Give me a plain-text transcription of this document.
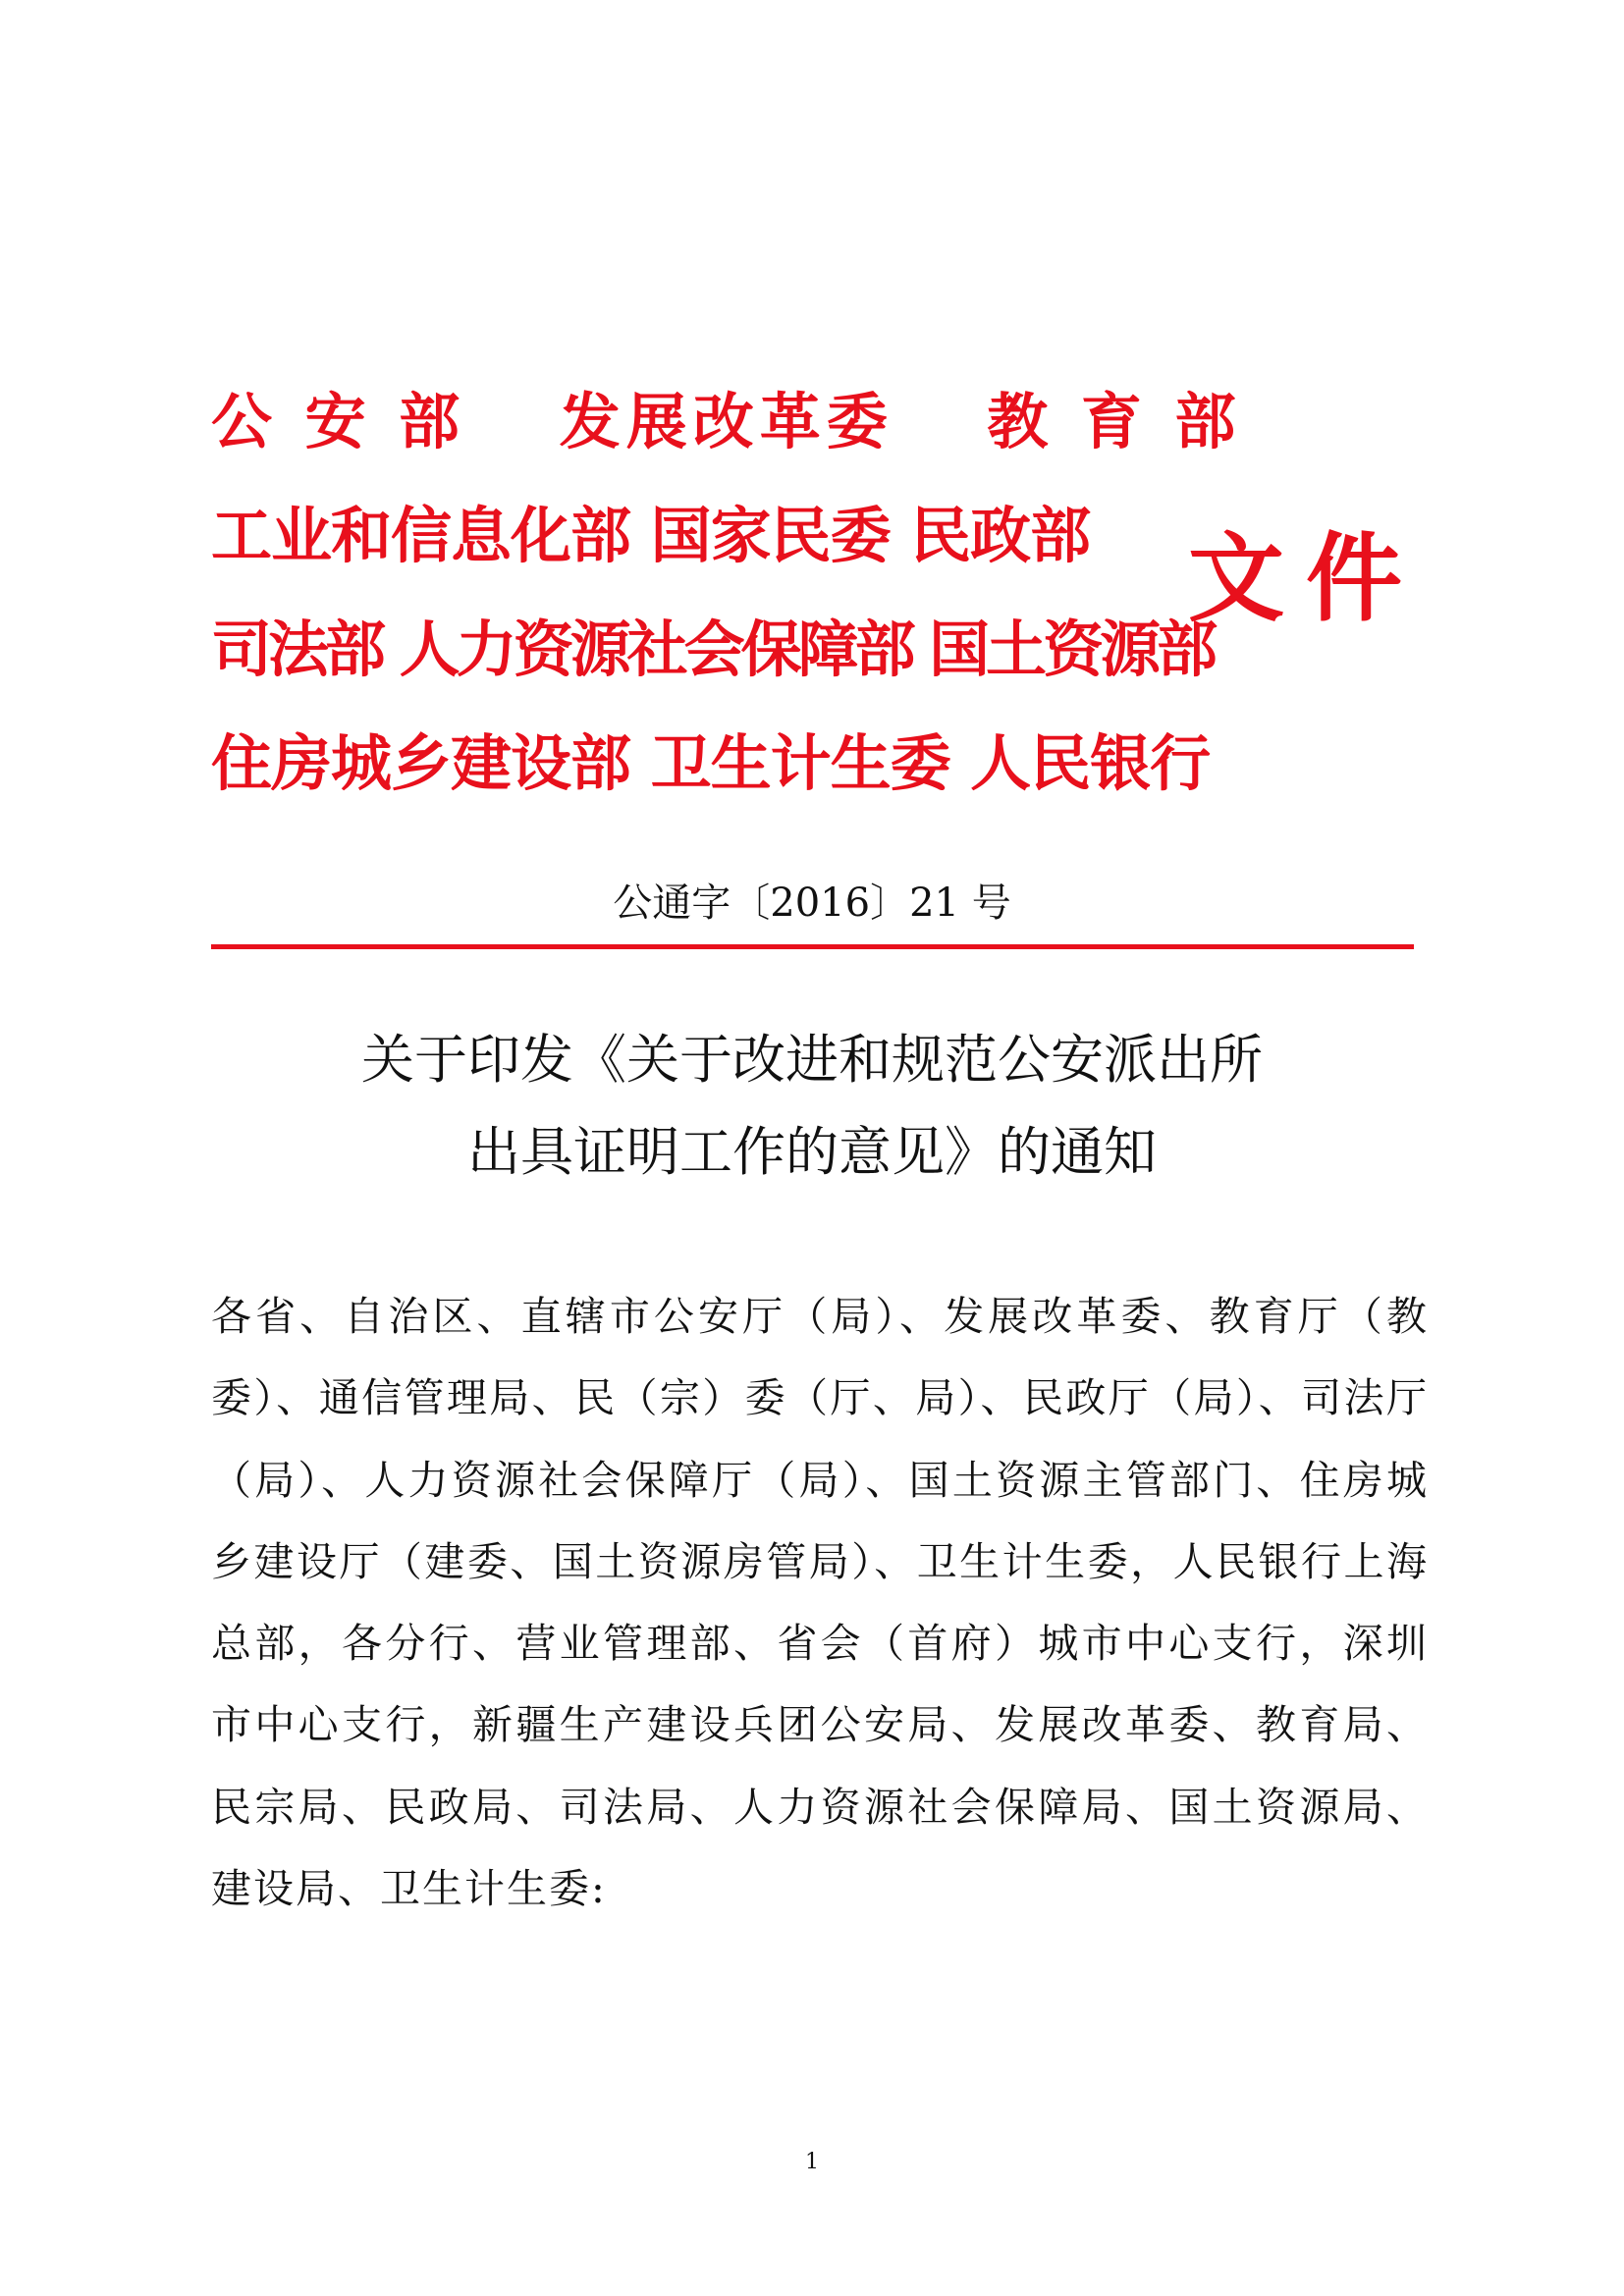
公 安 部　 发展改革委　 教 育 部
工业和信息化部 国家民委 民政部
司法部 人力资源社会保障部 国土资源部
住房城乡建设部 卫生计生委 人民银行
文件
公通字〔2016〕21 号
关于印发《关于改进和规范公安派出所
出具证明工作的意见》的通知
各省、自治区、直辖市公安厅（局）、发展改革委、教育厅（教委）、通信管理局、民（宗）委（厅、局）、民政厅（局）、司法厅（局）、人力资源社会保障厅（局）、国土资源主管部门、住房城乡建设厅（建委、国土资源房管局）、卫生计生委，人民银行上海总部，各分行、营业管理部、省会（首府）城市中心支行，深圳市中心支行，新疆生产建设兵团公安局、发展改革委、教育局、民宗局、民政局、司法局、人力资源社会保障局、国土资源局、建设局、卫生计生委:
1
